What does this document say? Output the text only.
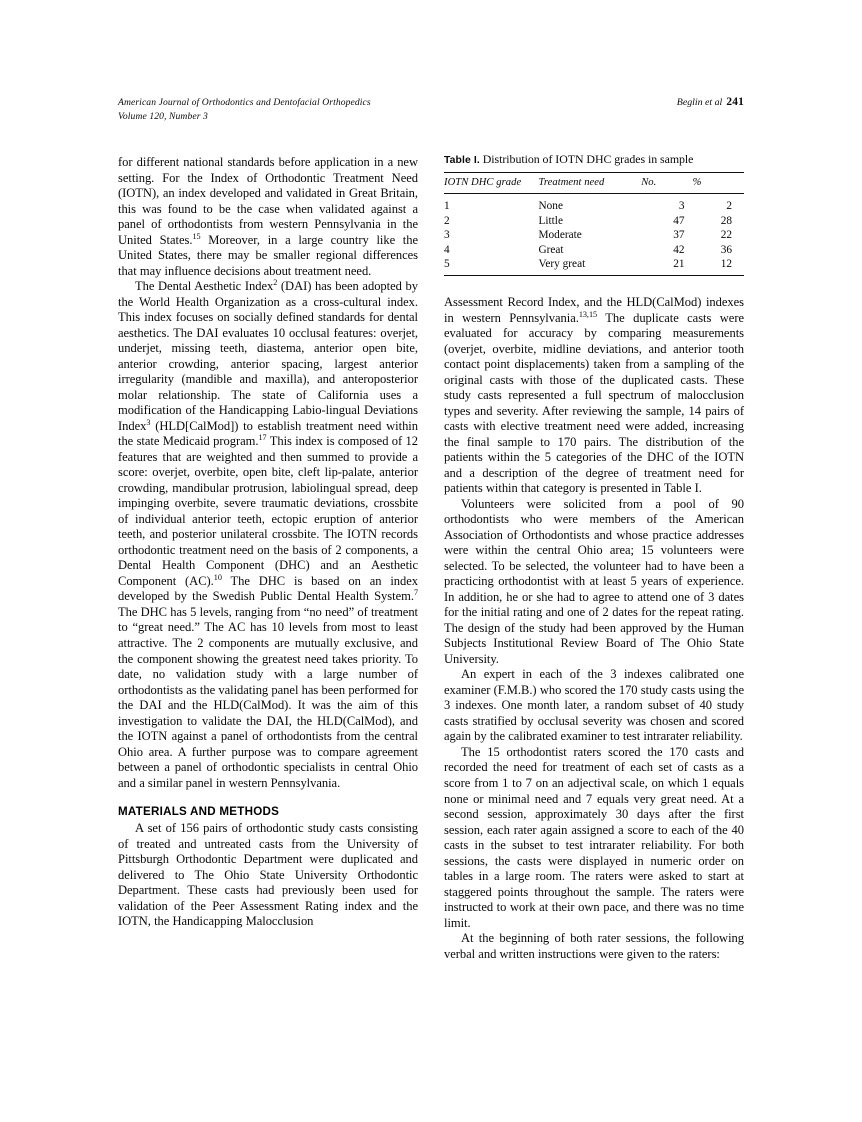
American Journal of Orthodontics and Dentofacial Orthopedics
Volume 120, Number 3
Beglin et al 241

for different national standards before application in a new setting. For the Index of Orthodontic Treatment Need (IOTN), an index developed and validated in Great Britain, this was found to be the case when validated against a panel of orthodontists from western Pennsylvania in the United States.$^{15}$ Moreover, in a large country like the United States, there may be smaller regional differences that may influence decisions about treatment need.

The Dental Aesthetic Index$^2$ (DAI) has been adopted by the World Health Organization as a cross-cultural index. This index focuses on socially defined standards for dental aesthetics. The DAI evaluates 10 occlusal features: overjet, underjet, missing teeth, diastema, anterior open bite, anterior crowding, anterior spacing, largest anterior irregularity (mandible and maxilla), and anteroposterior molar relationship. The state of California uses a modification of the Handicapping Labio-lingual Deviations Index$^3$ (HLD[CalMod]) to establish treatment need within the state Medicaid program.$^{17}$ This index is composed of 12 features that are weighted and then summed to provide a score: overjet, overbite, open bite, cleft lip-palate, anterior crowding, mandibular protrusion, labiolingual spread, deep impinging overbite, severe traumatic deviations, crossbite of individual anterior teeth, ectopic eruption of anterior teeth, and posterior unilateral crossbite. The IOTN records orthodontic treatment need on the basis of 2 components, a Dental Health Component (DHC) and an Aesthetic Component (AC).$^{10}$ The DHC is based on an index developed by the Swedish Public Dental Health System.$^7$ The DHC has 5 levels, ranging from “no need” of treatment to “great need.” The AC has 10 levels from most to least attractive. The 2 components are mutually exclusive, and the component showing the greatest need takes priority. To date, no validation study with a large number of orthodontists as the validating panel has been performed for the DAI and the HLD(CalMod). It was the aim of this investigation to validate the DAI, the HLD(CalMod), and the IOTN against a panel of orthodontists from the central Ohio area. A further purpose was to compare agreement between a panel of orthodontic specialists in central Ohio and a similar panel in western Pennsylvania.

MATERIALS AND METHODS

A set of 156 pairs of orthodontic study casts consisting of treated and untreated casts from the University of Pittsburgh Orthodontic Department were duplicated and delivered to The Ohio State University Orthodontic Department. These casts had previously been used for validation of the Peer Assessment Rating index and the IOTN, the Handicapping Malocclusion

Table I. Distribution of IOTN DHC grades in sample
IOTN DHC grade	Treatment need	No.	%
1	None	3	2
2	Little	47	28
3	Moderate	37	22
4	Great	42	36
5	Very great	21	12

Assessment Record Index, and the HLD(CalMod) indexes in western Pennsylvania.$^{13,15}$ The duplicate casts were evaluated for accuracy by comparing measurements (overjet, overbite, midline deviations, and anterior tooth contact point displacements) taken from a sampling of the original casts with those of the duplicated casts. These study casts represented a full spectrum of malocclusion types and severity. After reviewing the sample, 14 pairs of casts with elective treatment need were added, increasing the final sample to 170 pairs. The distribution of the patients within the 5 categories of the DHC of the IOTN and a description of the degree of treatment need for patients within that category is presented in Table I.

Volunteers were solicited from a pool of 90 orthodontists who were members of the American Association of Orthodontists and whose practice addresses were within the central Ohio area; 15 volunteers were selected. To be selected, the volunteer had to have been a practicing orthodontist with at least 5 years of experience. In addition, he or she had to agree to attend one of 3 dates for the initial rating and one of 2 dates for the repeat rating. The design of the study had been approved by the Human Subjects Institutional Review Board of The Ohio State University.

An expert in each of the 3 indexes calibrated one examiner (F.M.B.) who scored the 170 study casts using the 3 indexes. One month later, a random subset of 40 study casts stratified by occlusal severity was chosen and scored again by the calibrated examiner to test intrarater reliability.

The 15 orthodontist raters scored the 170 casts and recorded the need for treatment of each set of casts as a score from 1 to 7 on an adjectival scale, on which 1 equals none or minimal need and 7 equals very great need. At a second session, approximately 30 days after the first session, each rater again assigned a score to each of the 40 casts in the subset to test intrarater reliability. For both sessions, the casts were displayed in numeric order on tables in a large room. The raters were asked to start at staggered points throughout the sample. The raters were instructed to work at their own pace, and there was no time limit.

At the beginning of both rater sessions, the following verbal and written instructions were given to the raters:
